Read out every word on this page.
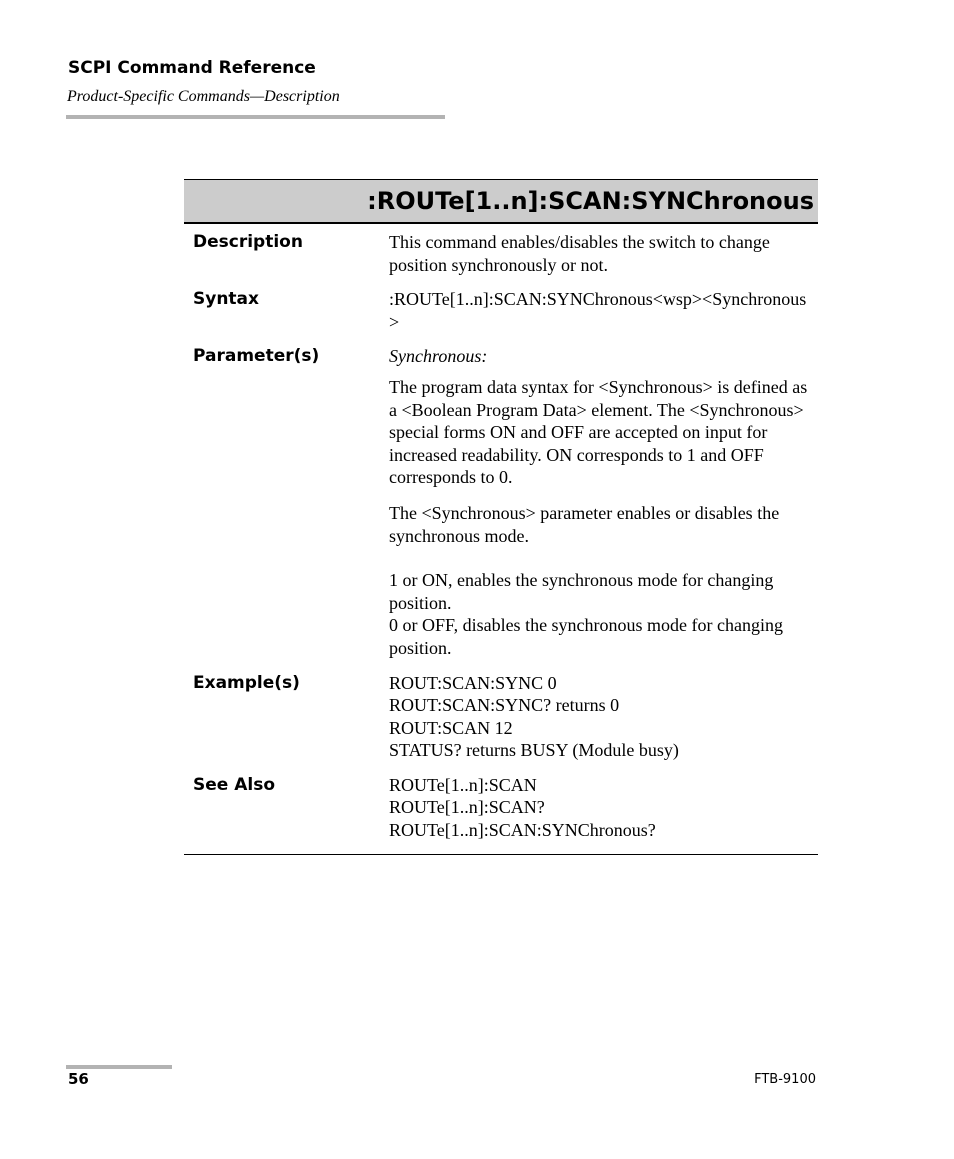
SCPI Command Reference
Product-Specific Commands—Description
:ROUTe[1..n]:SCAN:SYNChronous
Description	This command enables/disables the switch to change position synchronously or not.

Syntax	:ROUTe[1..n]:SCAN:SYNChronous<wsp><Synchronous>

Parameter(s)	Synchronous:

The program data syntax for <Synchronous> is defined as a <Boolean Program Data> element. The <Synchronous> special forms ON and OFF are accepted on input for increased readability. ON corresponds to 1 and OFF corresponds to 0.

The <Synchronous> parameter enables or disables the synchronous mode.

1 or ON, enables the synchronous mode for changing position.

0 or OFF, disables the synchronous mode for changing position.

Example(s)	ROUT:SCAN:SYNC 0

ROUT:SCAN:SYNC? returns 0

ROUT:SCAN 12

STATUS? returns BUSY (Module busy)

See Also	ROUTe[1..n]:SCAN

ROUTe[1..n]:SCAN?

ROUTe[1..n]:SCAN:SYNChronous?

56	FTB-9100
